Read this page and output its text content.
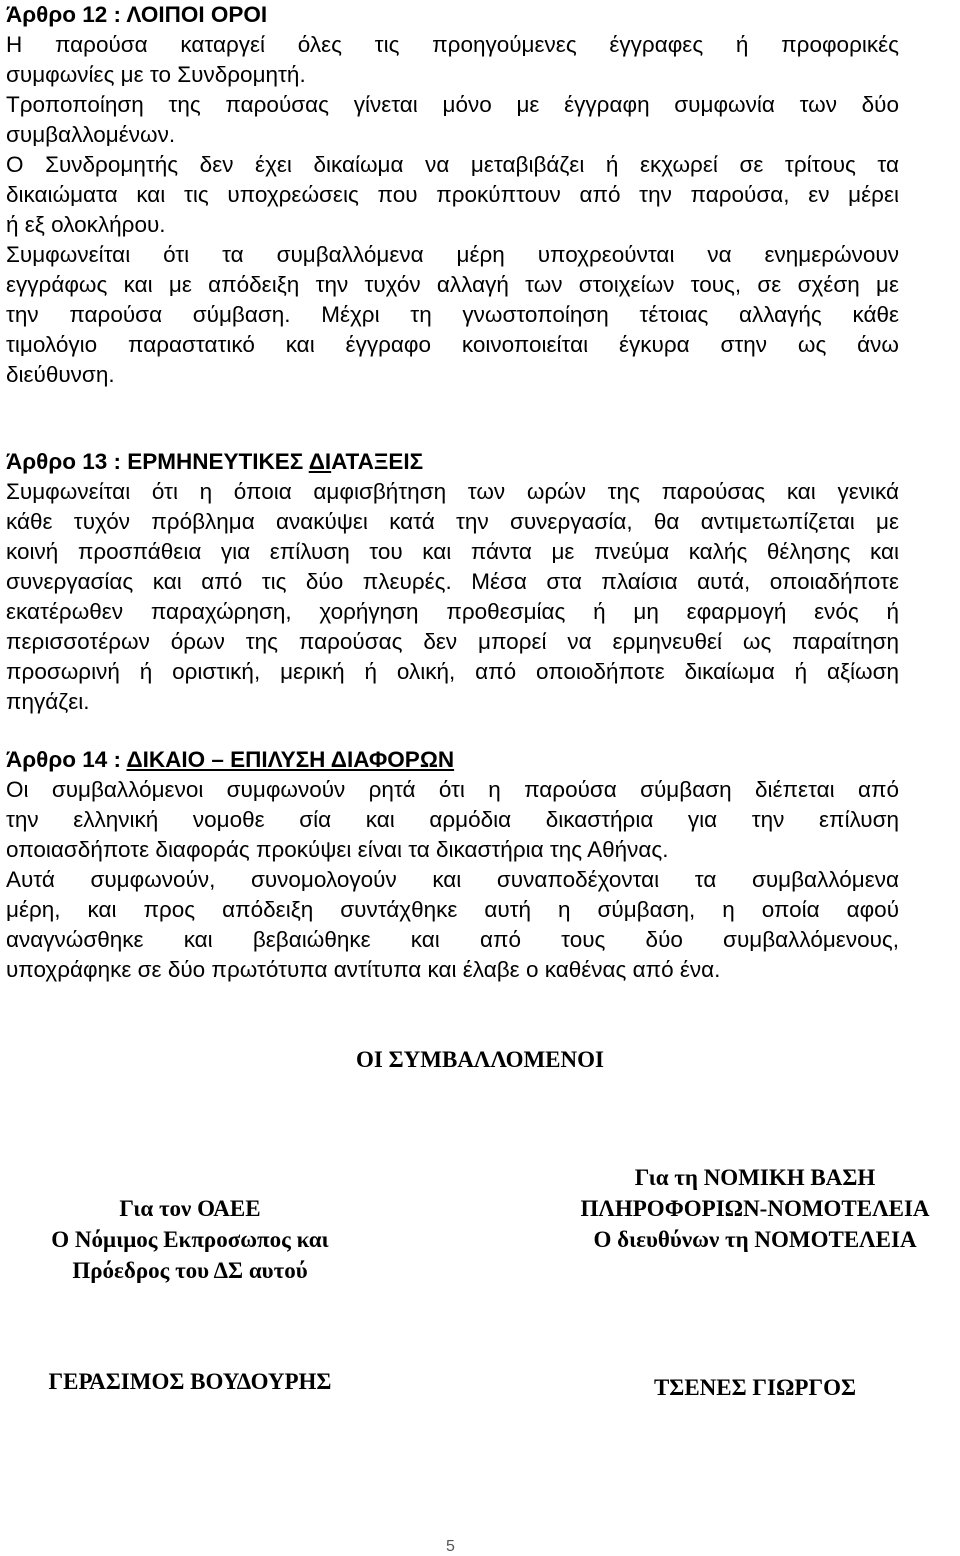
Άρθρο 12 : ΛΟΙΠΟΙ ΟΡΟΙ
Η παρούσα καταργεί όλες τις προηγούμενες έγγραφες ή προφορικές
συμφωνίες με το Συνδρομητή.
Τροποποίηση της παρούσας γίνεται μόνο με έγγραφη συμφωνία των δύο
συμβαλλομένων.
Ο Συνδρομητής δεν έχει δικαίωμα να μεταβιβάζει ή εκχωρεί σε τρίτους τα
δικαιώματα και τις υποχρεώσεις που προκύπτουν από την παρούσα, εν μέρει
ή εξ ολοκλήρου.
Συμφωνείται ότι τα συμβαλλόμενα μέρη υποχρεούνται να ενημερώνουν
εγγράφως και με απόδειξη την τυχόν αλλαγή των στοιχείων τους, σε σχέση με
την παρούσα σύμβαση. Μέχρι τη γνωστοποίηση τέτοιας αλλαγής κάθε
τιμολόγιο παραστατικό και έγγραφο κοινοποιείται έγκυρα στην ως άνω
διεύθυνση.
Άρθρο 13 : ΕΡΜΗΝΕΥΤΙΚΕΣ ΔΙΑΤΑΞΕΙΣ
Συμφωνείται ότι η όποια αμφισβήτηση των ωρών της παρούσας και γενικά
κάθε τυχόν πρόβλημα ανακύψει κατά την συνεργασία, θα αντιμετωπίζεται με
κοινή προσπάθεια για επίλυση του και πάντα με πνεύμα καλής θέλησης και
συνεργασίας και από τις δύο πλευρές. Μέσα στα πλαίσια αυτά, οποιαδήποτε
εκατέρωθεν παραχώρηση, χορήγηση προθεσμίας ή μη εφαρμογή ενός ή
περισσοτέρων όρων της παρούσας δεν μπορεί να ερμηνευθεί ως παραίτηση
προσωρινή ή οριστική, μερική ή ολική, από οποιοδήποτε δικαίωμα ή αξίωση
πηγάζει.
Άρθρο 14 : ΔΙΚΑΙΟ – ΕΠΙΛΥΣΗ ΔΙΑΦΟΡΩΝ
Οι συμβαλλόμενοι συμφωνούν ρητά ότι η παρούσα σύμβαση διέπεται από
την ελληνική νομοθε σία και αρμόδια δικαστήρια για την επίλυση
οποιασδήποτε διαφοράς προκύψει είναι τα δικαστήρια της Αθήνας.
Αυτά συμφωνούν, συνομολογούν και συναποδέχονται τα συμβαλλόμενα
μέρη, και προς απόδειξη συντάχθηκε αυτή η σύμβαση, η οποία αφού
αναγνώσθηκε και βεβαιώθηκε και από τους δύο συμβαλλόμενους,
υποχράφηκε σε δύο πρωτότυπα αντίτυπα και έλαβε ο καθένας από ένα.
ΟΙ ΣΥΜΒΑΛΛΟΜΕΝΟΙ
Για τον ΟΑΕΕ
Ο Νόμιμος Εκπροσωπος και
Πρόεδρος του ΔΣ αυτού
ΓΕΡΑΣΙΜΟΣ ΒΟΥΔΟΥΡΗΣ
Για τη ΝΟΜΙΚΗ ΒΑΣΗ
ΠΛΗΡΟΦΟΡΙΩΝ-ΝΟΜΟΤΕΛΕΙΑ
Ο διευθύνων τη ΝΟΜΟΤΕΛΕΙΑ
ΤΣΕΝΕΣ ΓΙΩΡΓΟΣ
5
